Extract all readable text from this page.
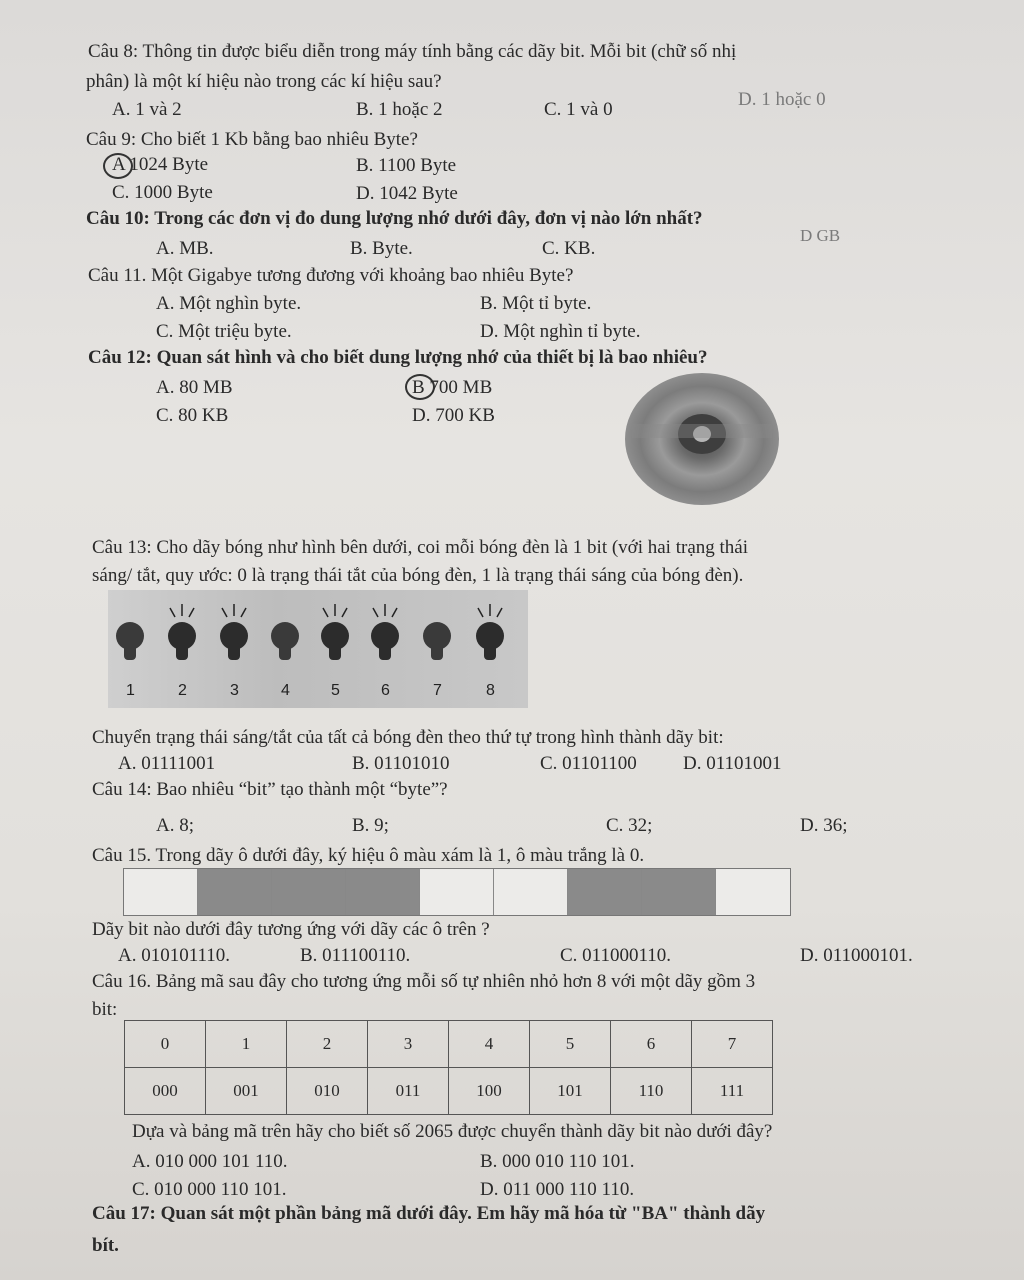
Câu 8: Thông tin được biểu diễn trong máy tính bằng các dãy bit. Mỗi bit (chữ số nhị
phân) là một kí hiệu nào trong các kí hiệu sau?
A. 1 và 2	B. 1 hoặc 2	C. 1 và 0	D. 1 hoặc 0
Câu 9: Cho biết 1 Kb bằng bao nhiêu Byte?
A 1024 Byte	B. 1100 Byte
C. 1000 Byte	D. 1042 Byte
Câu 10: Trong các đơn vị đo dung lượng nhớ dưới đây, đơn vị nào lớn nhất?
A. MB.	B. Byte.	C. KB.
D GB
Câu 11. Một Gigabye tương đương với khoảng bao nhiêu Byte?
A. Một nghìn byte.	B. Một tỉ byte.
C. Một triệu byte.	D. Một nghìn tỉ byte.
Câu 12: Quan sát hình và cho biết dung lượng nhớ của thiết bị là bao nhiêu?
A. 80 MB	B 700 MB
C. 80 KB	D. 700 KB
Câu 13: Cho dãy bóng như hình bên dưới, coi mỗi bóng đèn là 1 bit (với hai trạng thái
sáng/ tắt, quy ước: 0 là trạng thái tắt của bóng đèn, 1 là trạng thái sáng của bóng đèn).
1	2	3	4	5	6	7	8
Chuyển trạng thái sáng/tắt của tất cả bóng đèn theo thứ tự trong hình thành dãy bit:
A. 01111001	B. 01101010	C. 01101100 D. 01101001
Câu 14: Bao nhiêu “bit” tạo thành một “byte”?
A. 8;	B. 9;	C. 32;	D. 36;
Câu 15. Trong dãy ô dưới đây, ký hiệu ô màu xám là 1, ô màu trắng là 0.
Dãy bit nào dưới đây tương ứng với dãy các ô trên ?
A. 010101110.	B. 011100110.	C. 011000110.	D. 011000101.
Câu 16. Bảng mã sau đây cho tương ứng mỗi số tự nhiên nhỏ hơn 8 với một dãy gồm 3
bit:
0	1	2	3	4	5	6	7
000	001	010	011	100	101	110	111
Dựa và bảng mã trên hãy cho biết số 2065 được chuyển thành dãy bit nào dưới đây?
A. 010 000 101 110.	B. 000 010 110 101.
C. 010 000 110 101.	D. 011 000 110 110.
Câu 17: Quan sát một phần bảng mã dưới đây. Em hãy mã hóa từ "BA" thành dãy
bít.
